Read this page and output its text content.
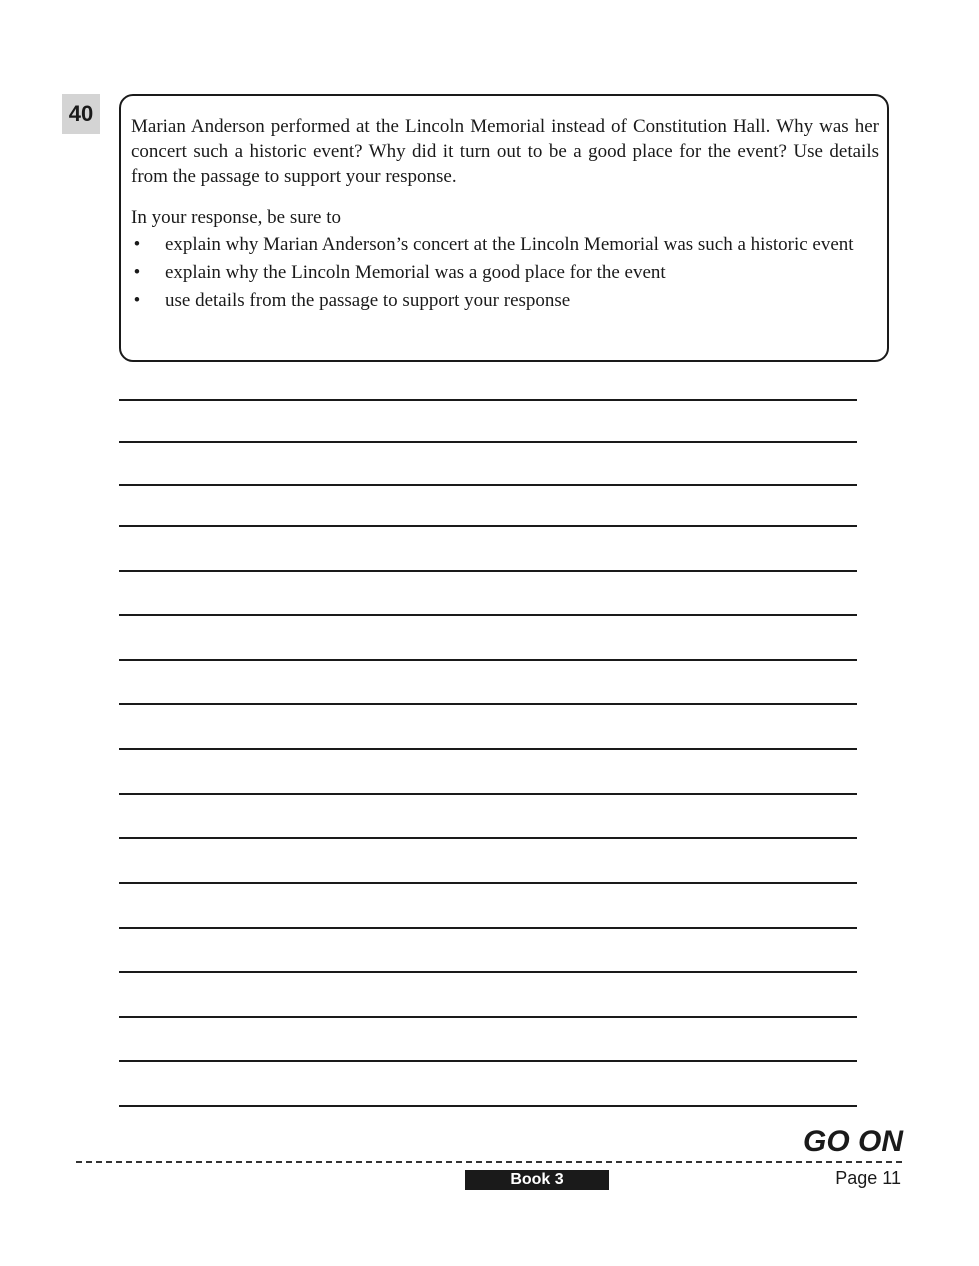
40

Marian Anderson performed at the Lincoln Memorial instead of Constitution Hall. Why was her concert such a historic event? Why did it turn out to be a good place for the event? Use details from the passage to support your response.

In your response, be sure to

• explain why Marian Anderson’s concert at the Lincoln Memorial was such a historic event
• explain why the Lincoln Memorial was a good place for the event
• use details from the passage to support your response
GO ON
Book 3	Page 11
